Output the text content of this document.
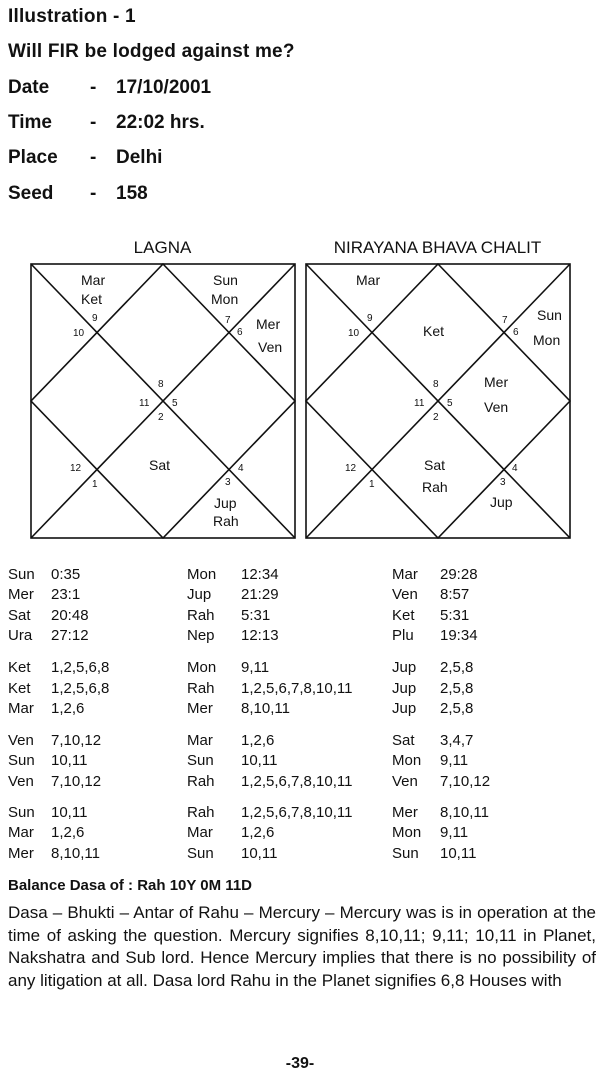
Illustration - 1
Will FIR be lodged against me?
Date - 17/10/2001
Time - 22:02 hrs.
Place - Delhi
Seed - 158
LAGNA	NIRAYANA BHAVA CHALIT
9
10
7
6
8
11 5
2
12
1
4
3
Mar
Ket
Sun
Mon
Mer
Ven
Sat
Jup
Rah
9
10
7
6
8
11 5
2
12
1
4
3
Mar
Ket
Sun
Mon
Mer
Ven
Sat
Rah
Jup
Sun 0:35	Mon 12:34	Mar 29:28
Mer 23:1	Jup 21:29	Ven 8:57
Sat 20:48	Rah 5:31	Ket 5:31
Ura 27:12	Nep 12:13	Plu 19:34
Ket 1,2,5,6,8	Mon 9,11	Jup 2,5,8
Ket 1,2,5,6,8	Rah 1,2,5,6,7,8,10,11	Jup 2,5,8
Mar 1,2,6	Mer 8,10,11	Jup 2,5,8
Ven 7,10,12	Mar 1,2,6	Sat 3,4,7
Sun 10,11	Sun 10,11	Mon 9,11
Ven 7,10,12	Rah 1,2,5,6,7,8,10,11	Ven 7,10,12
Sun 10,11	Rah 1,2,5,6,7,8,10,11	Mer 8,10,11
Mar 1,2,6	Mar 1,2,6	Mon 9,11
Mer 8,10,11	Sun 10,11	Sun 10,11
Balance Dasa of : Rah 10Y 0M 11D
Dasa – Bhukti – Antar of Rahu – Mercury – Mercury was is in operation at the time of asking the question. Mercury signifies 8,10,11; 9,11; 10,11 in Planet, Nakshatra and Sub lord. Hence Mercury implies that there is no possibility of any litigation at all. Dasa lord Rahu in the Planet signifies 6,8 Houses with
-39-
